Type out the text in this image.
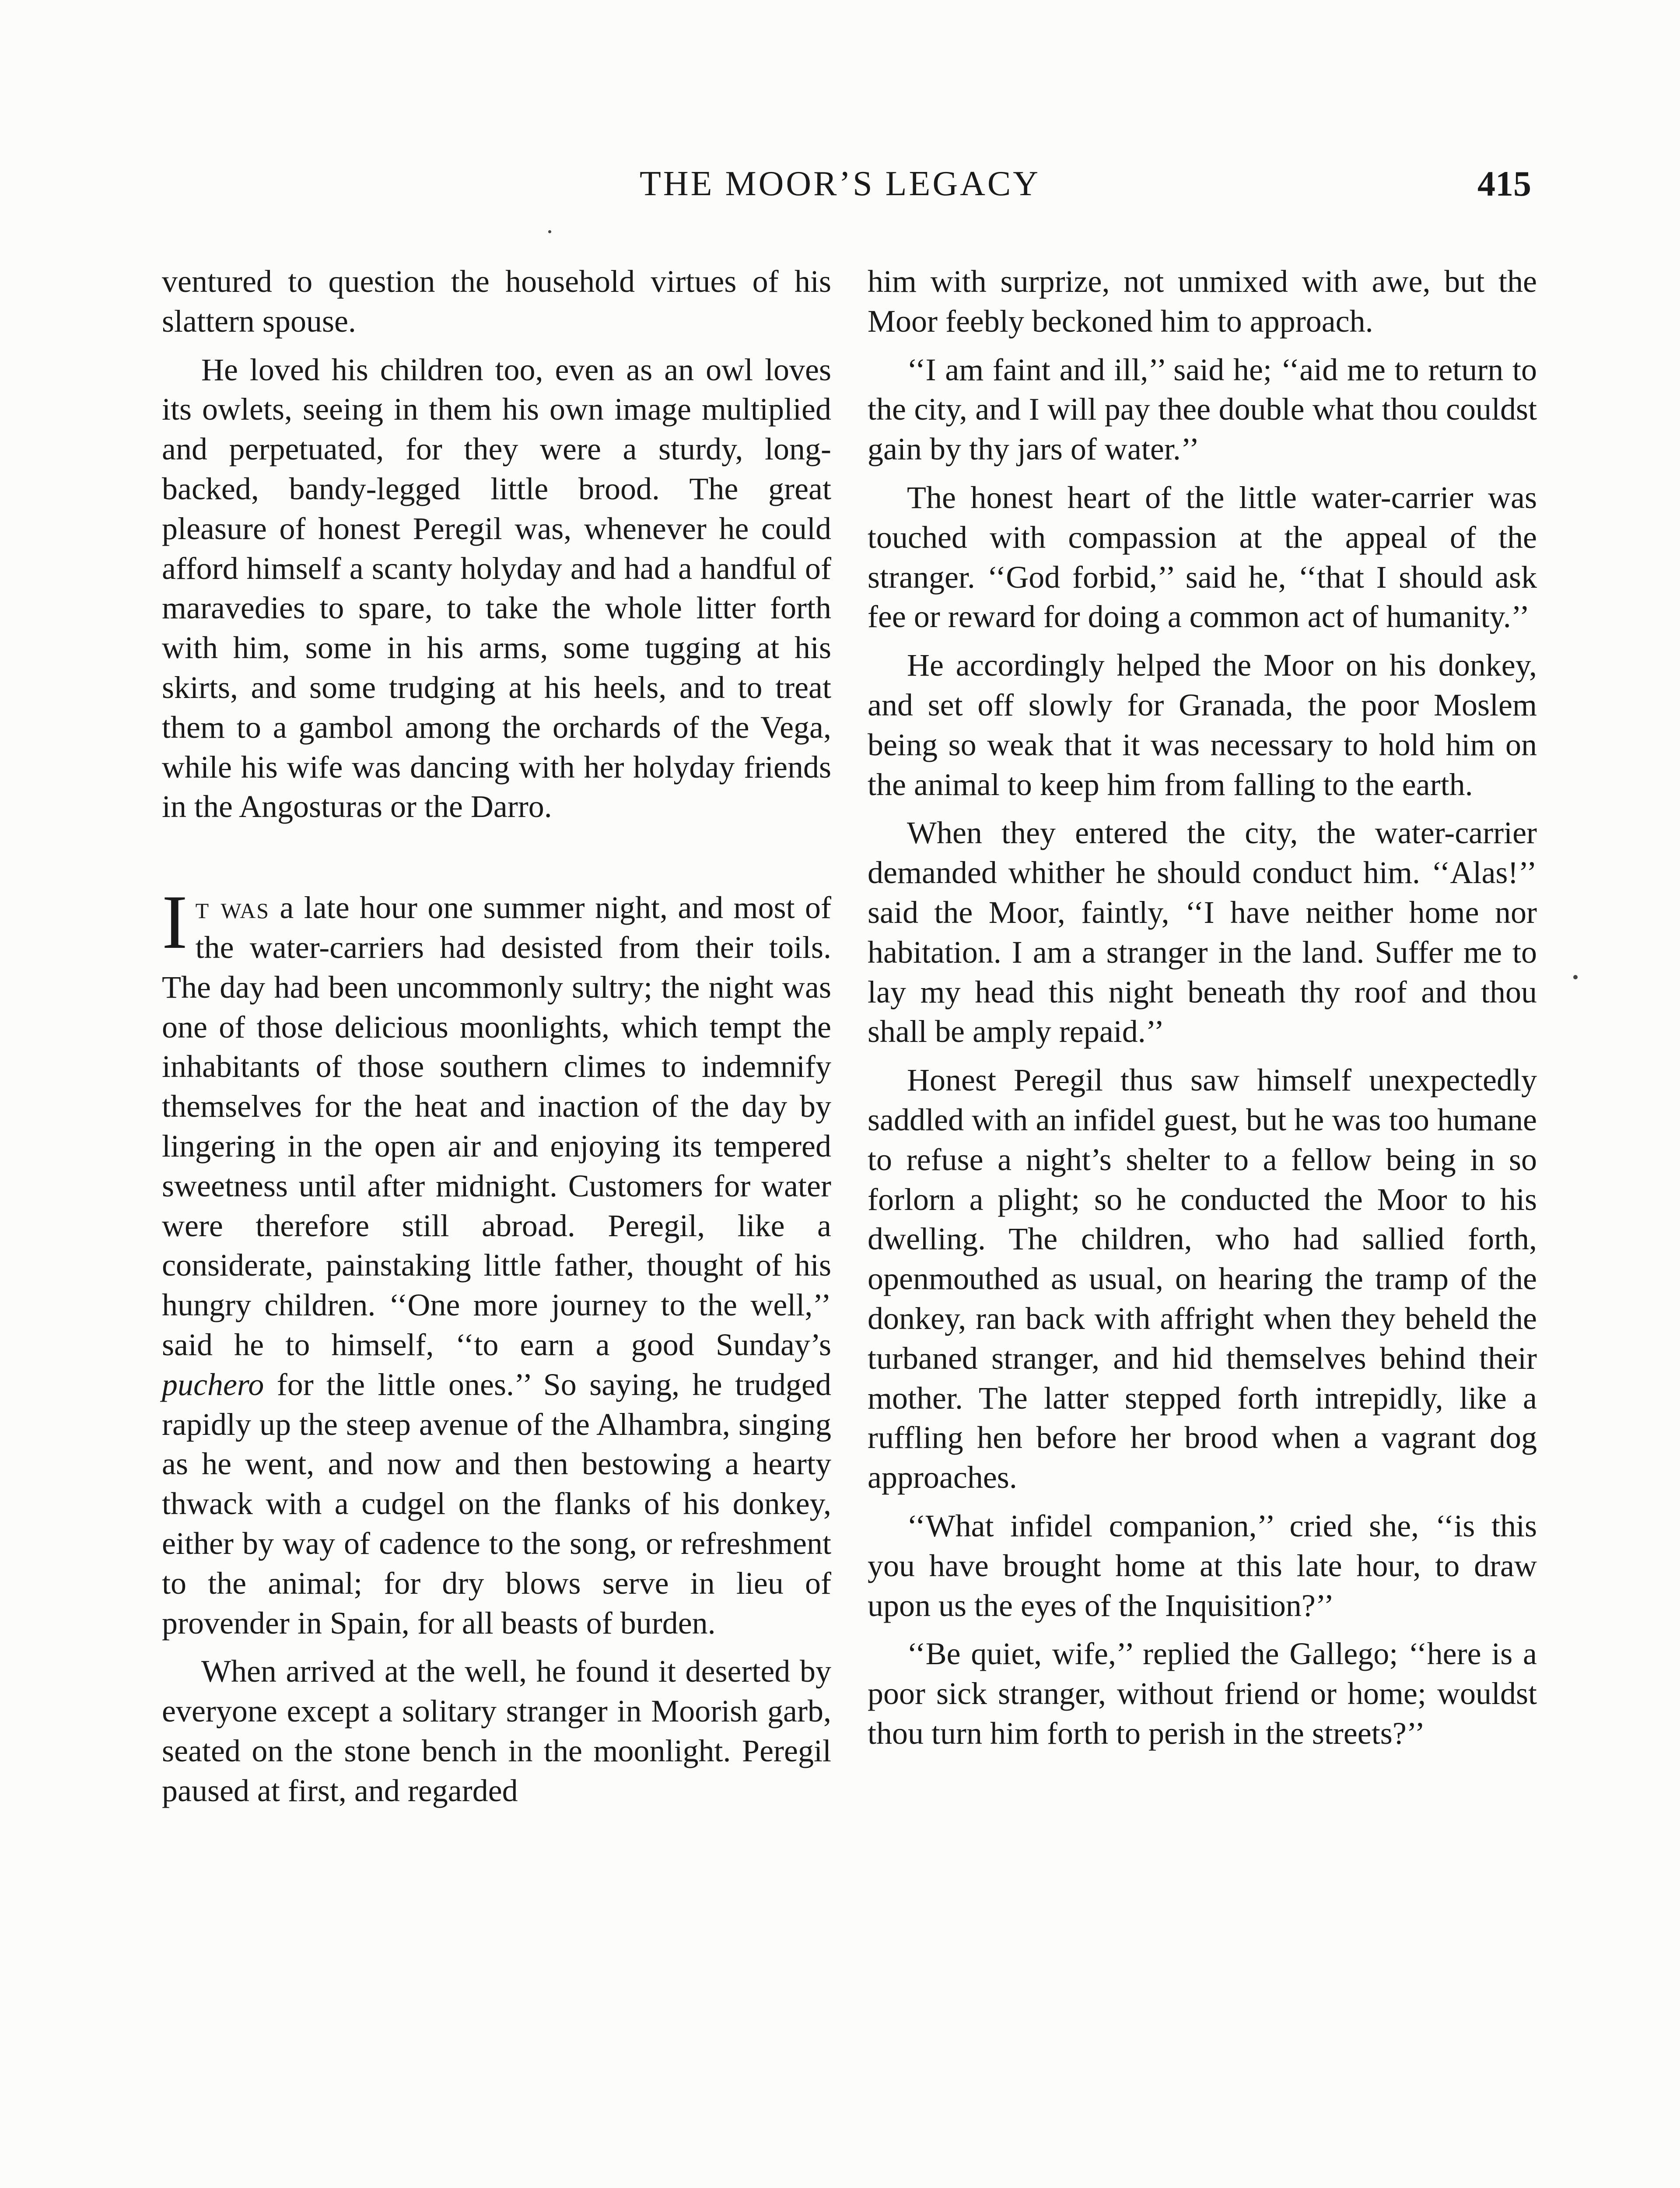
THE MOOR’S LEGACY	415

ventured to question the household virtues of his slattern spouse.

He loved his children too, even as an owl loves its owlets, seeing in them his own image multiplied and perpetuated, for they were a sturdy, long-backed, bandy-legged little brood. The great pleasure of honest Peregil was, whenever he could afford himself a scanty holyday and had a handful of maravedies to spare, to take the whole litter forth with him, some in his arms, some tugging at his skirts, and some trudging at his heels, and to treat them to a gambol among the orchards of the Vega, while his wife was dancing with her holyday friends in the Angosturas or the Darro.

It was a late hour one summer night, and most of the water-carriers had desisted from their toils. The day had been uncommonly sultry; the night was one of those delicious moonlights, which tempt the inhabitants of those southern climes to indemnify themselves for the heat and inaction of the day by lingering in the open air and enjoying its tempered sweetness until after midnight. Customers for water were therefore still abroad. Peregil, like a considerate, painstaking little father, thought of his hungry children. ‘‘One more journey to the well,’’ said he to himself, ‘‘to earn a good Sunday’s puchero for the little ones.’’ So saying, he trudged rapidly up the steep avenue of the Alhambra, singing as he went, and now and then bestowing a hearty thwack with a cudgel on the flanks of his donkey, either by way of cadence to the song, or refreshment to the animal; for dry blows serve in lieu of provender in Spain, for all beasts of burden.

When arrived at the well, he found it deserted by everyone except a solitary stranger in Moorish garb, seated on the stone bench in the moonlight. Peregil paused at first, and regarded

him with surprize, not unmixed with awe, but the Moor feebly beckoned him to approach.

‘‘I am faint and ill,’’ said he; ‘‘aid me to return to the city, and I will pay thee double what thou couldst gain by thy jars of water.’’

The honest heart of the little water-carrier was touched with compassion at the appeal of the stranger. ‘‘God forbid,’’ said he, ‘‘that I should ask fee or reward for doing a common act of humanity.’’

He accordingly helped the Moor on his donkey, and set off slowly for Granada, the poor Moslem being so weak that it was necessary to hold him on the animal to keep him from falling to the earth.

When they entered the city, the water-carrier demanded whither he should conduct him. ‘‘Alas!’’ said the Moor, faintly, ‘‘I have neither home nor habitation. I am a stranger in the land. Suffer me to lay my head this night beneath thy roof and thou shall be amply repaid.’’

Honest Peregil thus saw himself unexpectedly saddled with an infidel guest, but he was too humane to refuse a night’s shelter to a fellow being in so forlorn a plight; so he conducted the Moor to his dwelling. The children, who had sallied forth, openmouthed as usual, on hearing the tramp of the donkey, ran back with affright when they beheld the turbaned stranger, and hid themselves behind their mother. The latter stepped forth intrepidly, like a ruffling hen before her brood when a vagrant dog approaches.

‘‘What infidel companion,’’ cried she, ‘‘is this you have brought home at this late hour, to draw upon us the eyes of the Inquisition?’’

‘‘Be quiet, wife,’’ replied the Gallego; ‘‘here is a poor sick stranger, without friend or home; wouldst thou turn him forth to perish in the streets?’’
